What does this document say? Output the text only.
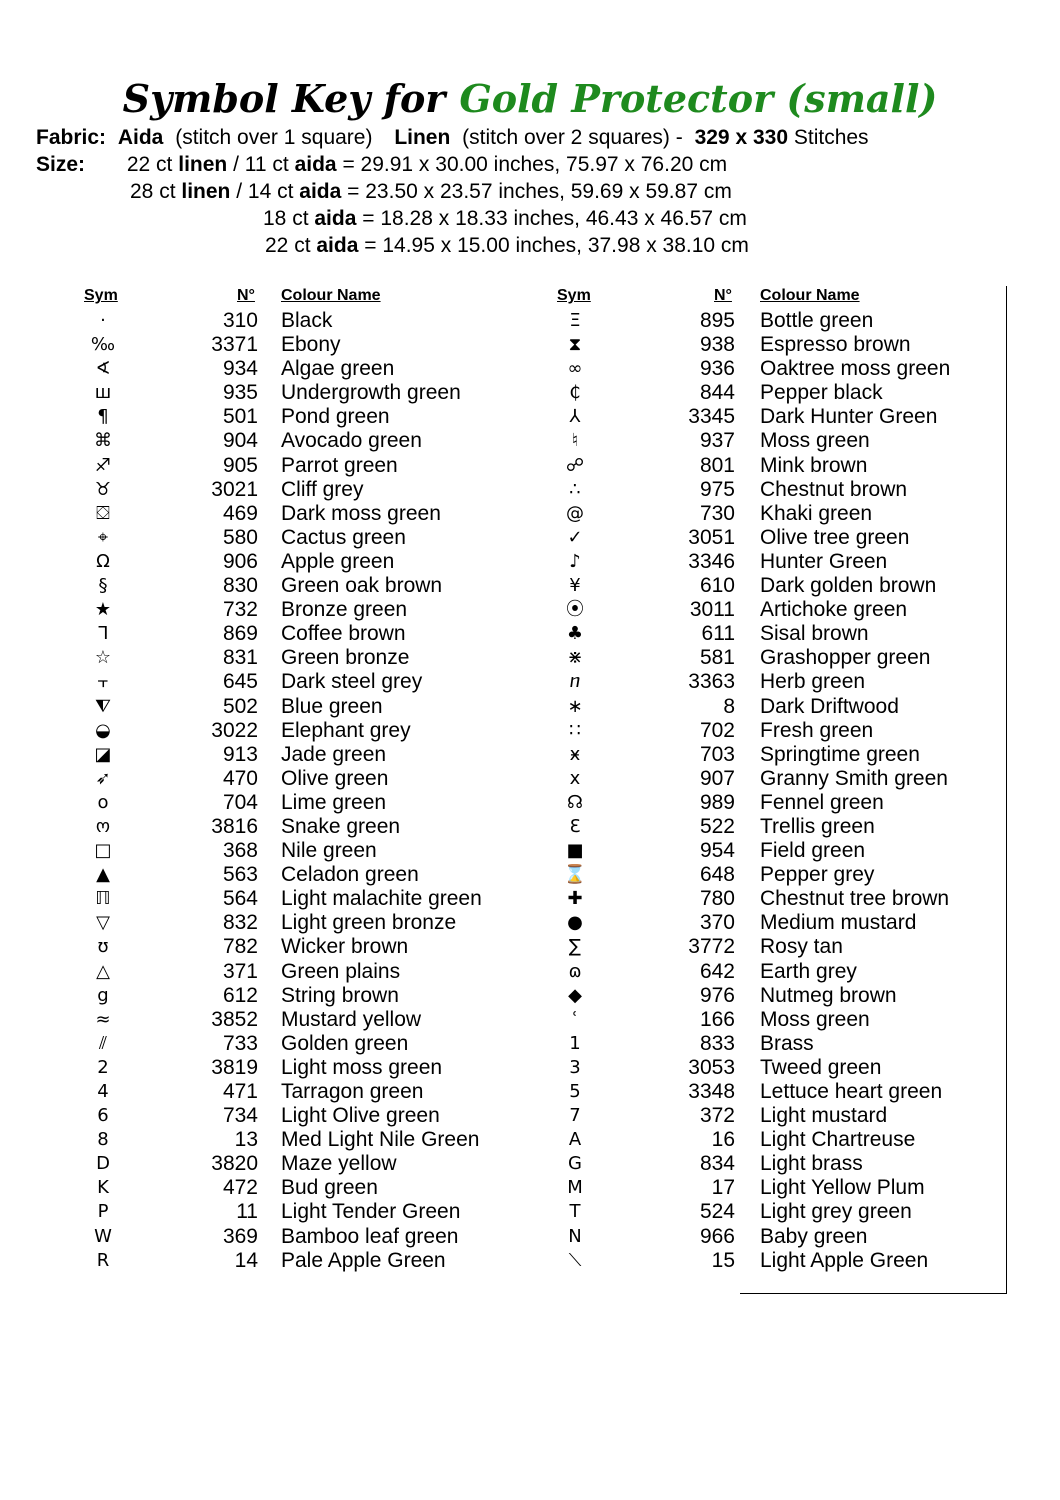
Symbol Key for Gold Protector (small)
Fabric: Aida (stitch over 1 square) Linen (stitch over 2 squares) - 329 x 330 Stitches
Size: 22 ct linen / 11 ct aida = 29.91 x 30.00 inches, 75.97 x 76.20 cm
28 ct linen / 14 ct aida = 23.50 x 23.57 inches, 59.69 x 59.87 cm
18 ct aida = 18.28 x 18.33 inches, 46.43 x 46.57 cm
22 ct aida = 14.95 x 15.00 inches, 37.98 x 38.10 cm
Sym	N° Colour Name
·	310 Black
‰	3371 Ebony
∢	934 Algae green
ш	935 Undergrowth green
¶	501 Pond green
⌘	904 Avocado green
♐	905 Parrot green
♉	3021 Cliff grey
⛋	469 Dark moss green
⌖	580 Cactus green
Ω	906 Apple green
§	830 Green oak brown
★	732 Bronze green
ᒣ	869 Coffee brown
☆	831 Green bronze
⫟	645 Dark steel grey
⧨	502 Blue green
◒	3022 Elephant grey
◪	913 Jade green
➶	470 Olive green
o	704 Lime green
ო	3816 Snake green
□	368 Nile green
▲	563 Celadon green
ℿ	564 Light malachite green
▽	832 Light green bronze
ʊ	782 Wicker brown
△	371 Green plains
g	612 String brown
≈	3852 Mustard yellow
⫽	733 Golden green
2	3819 Light moss green
4	471 Tarragon green
6	734 Light Olive green
8	13 Med Light Nile Green
D	3820 Maze yellow
K	472 Bud green
P	11 Light Tender Green
W	369 Bamboo leaf green
R	14 Pale Apple Green
Sym	N° Colour Name
Ξ	895 Bottle green
⧗	938 Espresso brown
∞	936 Oaktree moss green
₵	844 Pepper black
⅄	3345 Dark Hunter Green
♮	937 Moss green
☍	801 Mink brown
∴	975 Chestnut brown
@	730 Khaki green
✓	3051 Olive tree green
♪	3346 Hunter Green
¥	610 Dark golden brown
⦿	3011 Artichoke green
♣	611 Sisal brown
⋇	581 Grashopper green
ⴖ	3363 Herb green
∗	8 Dark Driftwood
∷	702 Fresh green
ӿ	703 Springtime green
x	907 Granny Smith green
☊	989 Fennel green
Ɛ	522 Trellis green
■	954 Field green
⌛	648 Pepper grey
✚	780 Chestnut tree brown
●	370 Medium mustard
∑	3772 Rosy tan
ɷ	642 Earth grey
◆	976 Nutmeg brown
ʿ	166 Moss green
1	833 Brass
3	3053 Tweed green
5	3348 Lettuce heart green
7	372 Light mustard
A	16 Light Chartreuse
G	834 Light brass
M	17 Light Yellow Plum
T	524 Light grey green
N	966 Baby green
⟍	15 Light Apple Green
